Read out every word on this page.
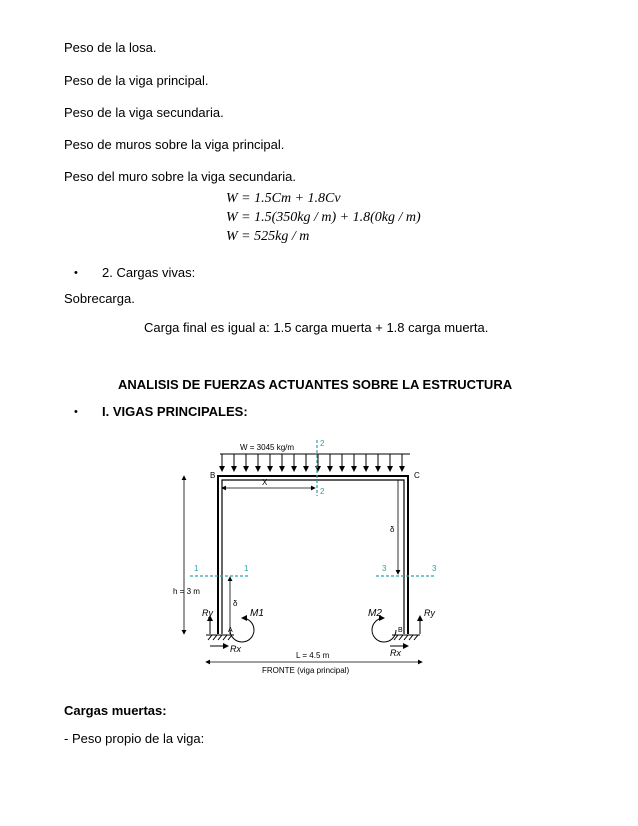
Peso de la losa.
Peso de la viga principal.
Peso de la viga secundaria.
Peso de muros sobre la viga principal.
Peso del muro sobre la viga secundaria.
W = 1.5Cm + 1.8Cv
W = 1.5(350kg / m) + 1.8(0kg / m)
W = 525kg / m
• 2. Cargas vivas:
Sobrecarga.
Carga final es igual a: 1.5 carga muerta + 1.8 carga muerta.
ANALISIS DE FUERZAS ACTUANTES SOBRE LA ESTRUCTURA
• I. VIGAS PRINCIPALES:
W = 3045 kg/m
B	C
2
2
X
δ
1	1
δ
3	3
h = 3 m
Ry
Rx
M1
A
Ry
Rx
M2
B
L = 4.5 m
FRONTE (viga principal)
Cargas muertas:
- Peso propio de la viga:
